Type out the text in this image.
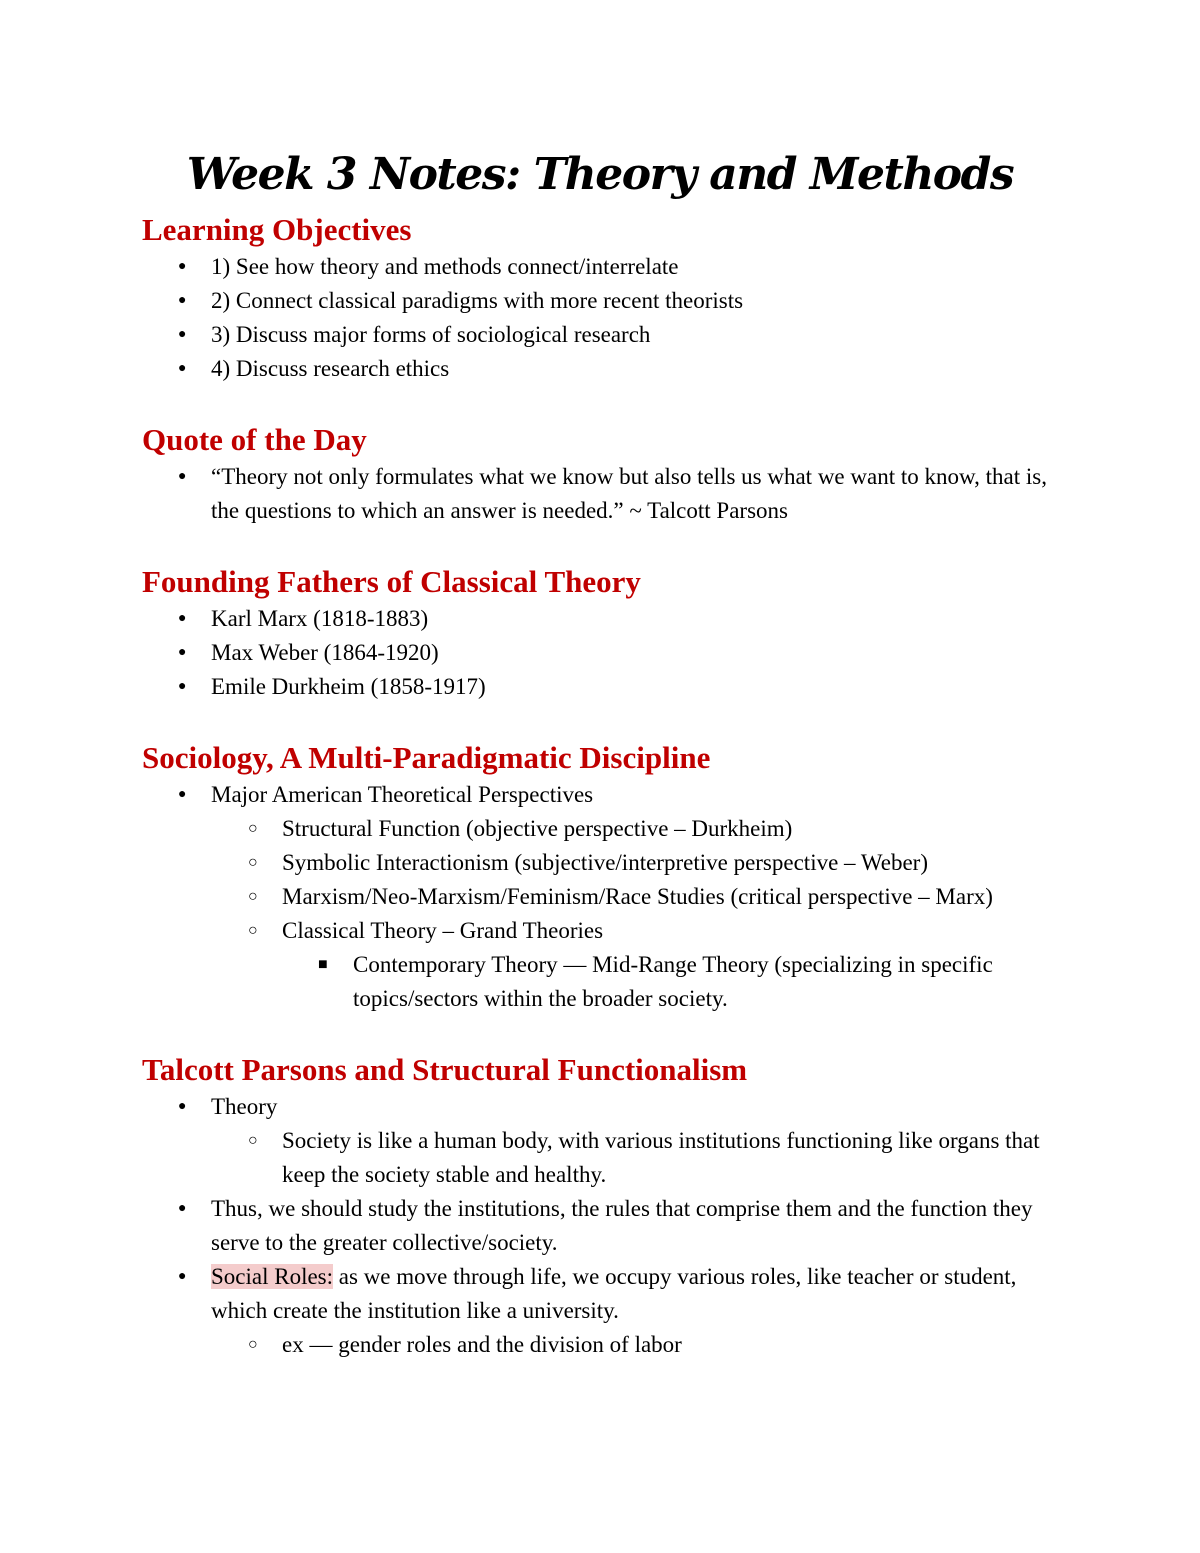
Week 3 Notes: Theory and Methods
Learning Objectives
● 1) See how theory and methods connect/interrelate
● 2) Connect classical paradigms with more recent theorists
● 3) Discuss major forms of sociological research
● 4) Discuss research ethics
Quote of the Day
● “Theory not only formulates what we know but also tells us what we want to know, that is, the questions to which an answer is needed.” ~ Talcott Parsons
Founding Fathers of Classical Theory
● Karl Marx (1818-1883)
● Max Weber (1864-1920)
● Emile Durkheim (1858-1917)
Sociology, A Multi-Paradigmatic Discipline
● Major American Theoretical Perspectives
○ Structural Function (objective perspective – Durkheim)
○ Symbolic Interactionism (subjective/interpretive perspective – Weber)
○ Marxism/Neo-Marxism/Feminism/Race Studies (critical perspective – Marx)
○ Classical Theory – Grand Theories
■ Contemporary Theory — Mid-Range Theory (specializing in specific topics/sectors within the broader society.
Talcott Parsons and Structural Functionalism
● Theory
○ Society is like a human body, with various institutions functioning like organs that keep the society stable and healthy.
● Thus, we should study the institutions, the rules that comprise them and the function they serve to the greater collective/society.
● Social Roles: as we move through life, we occupy various roles, like teacher or student, which create the institution like a university.
○ ex — gender roles and the division of labor
